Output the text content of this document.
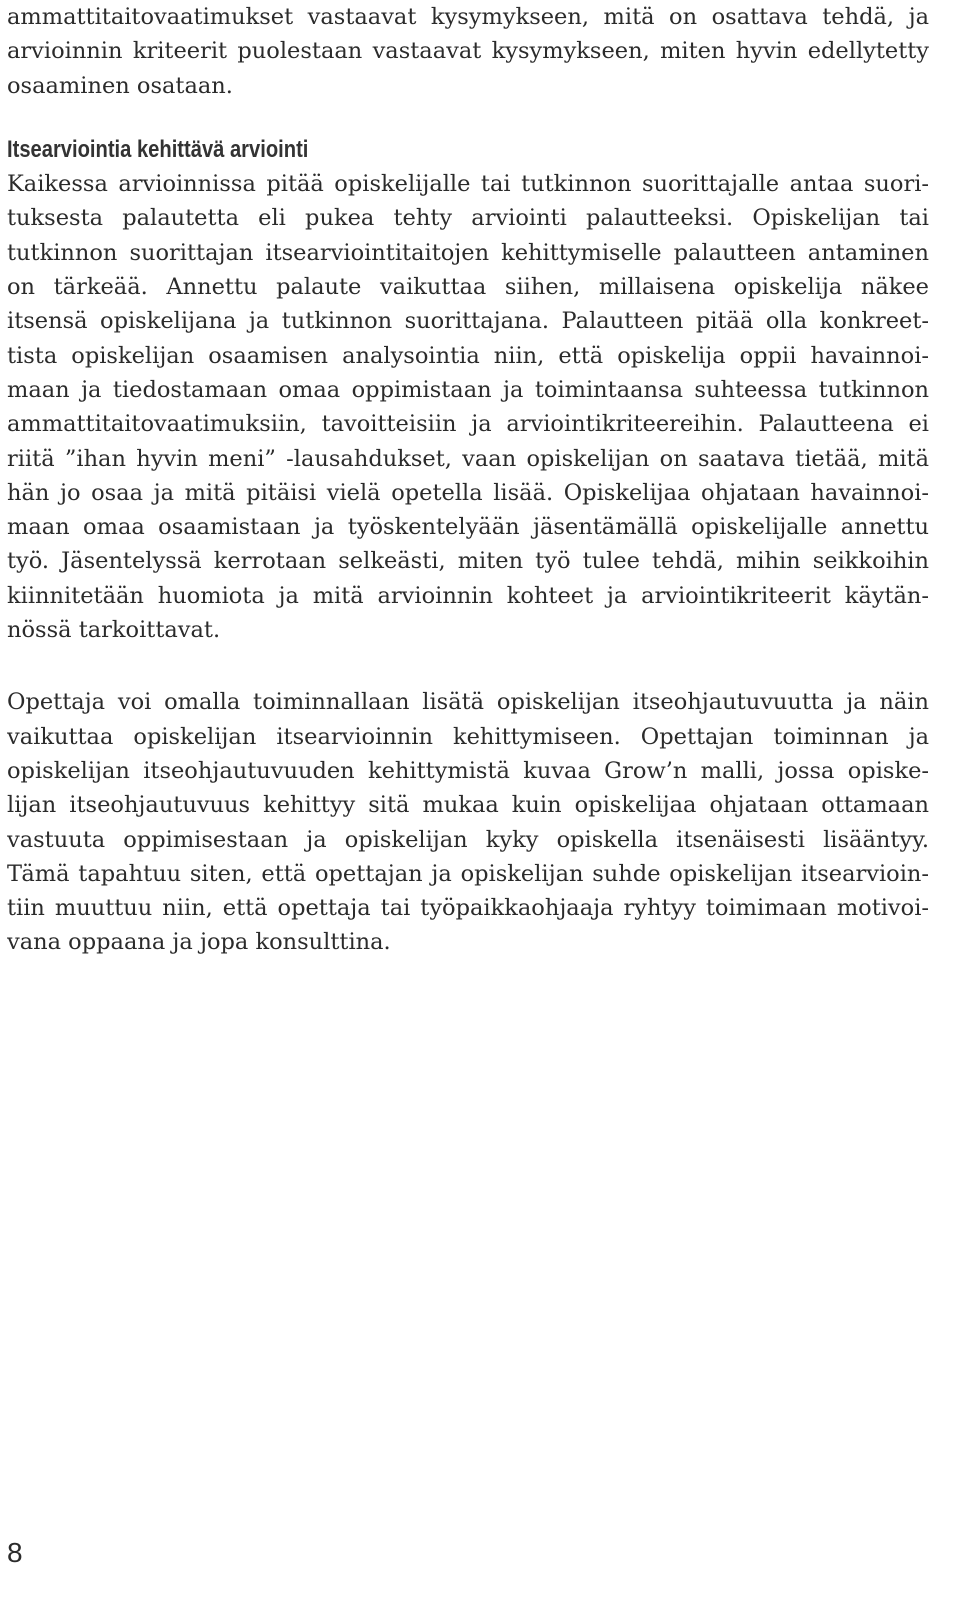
ammattitaitovaatimukset vastaavat kysymykseen, mitä on osattava tehdä, ja
arvioinnin kriteerit puolestaan vastaavat kysymykseen, miten hyvin edellytetty
osaaminen osataan.
Itsearviointia kehittävä arviointi
Kaikessa arvioinnissa pitää opiskelijalle tai tutkinnon suorittajalle antaa suori-
tuksesta palautetta eli pukea tehty arviointi palautteeksi. Opiskelijan tai
tutkinnon suorittajan itsearviointitaitojen kehittymiselle palautteen antaminen
on tärkeää. Annettu palaute vaikuttaa siihen, millaisena opiskelija näkee
itsensä opiskelijana ja tutkinnon suorittajana. Palautteen pitää olla konkreet-
tista opiskelijan osaamisen analysointia niin, että opiskelija oppii havainnoi-
maan ja tiedostamaan omaa oppimistaan ja toimintaansa suhteessa tutkinnon
ammattitaitovaatimuksiin, tavoitteisiin ja arviointikriteereihin. Palautteena ei
riitä ”ihan hyvin meni” -lausahdukset, vaan opiskelijan on saatava tietää, mitä
hän jo osaa ja mitä pitäisi vielä opetella lisää. Opiskelijaa ohjataan havainnoi-
maan omaa osaamistaan ja työskentelyään jäsentämällä opiskelijalle annettu
työ. Jäsentelyssä kerrotaan selkeästi, miten työ tulee tehdä, mihin seikkoihin
kiinnitetään huomiota ja mitä arvioinnin kohteet ja arviointikriteerit käytän-
nössä tarkoittavat.
Opettaja voi omalla toiminnallaan lisätä opiskelijan itseohjautuvuutta ja näin
vaikuttaa opiskelijan itsearvioinnin kehittymiseen. Opettajan toiminnan ja
opiskelijan itseohjautuvuuden kehittymistä kuvaa Grow’n malli, jossa opiske-
lijan itseohjautuvuus kehittyy sitä mukaa kuin opiskelijaa ohjataan ottamaan
vastuuta oppimisestaan ja opiskelijan kyky opiskella itsenäisesti lisääntyy.
Tämä tapahtuu siten, että opettajan ja opiskelijan suhde opiskelijan itsearvioin-
tiin muuttuu niin, että opettaja tai työpaikkaohjaaja ryhtyy toimimaan motivoi-
vana oppaana ja jopa konsulttina.
8
